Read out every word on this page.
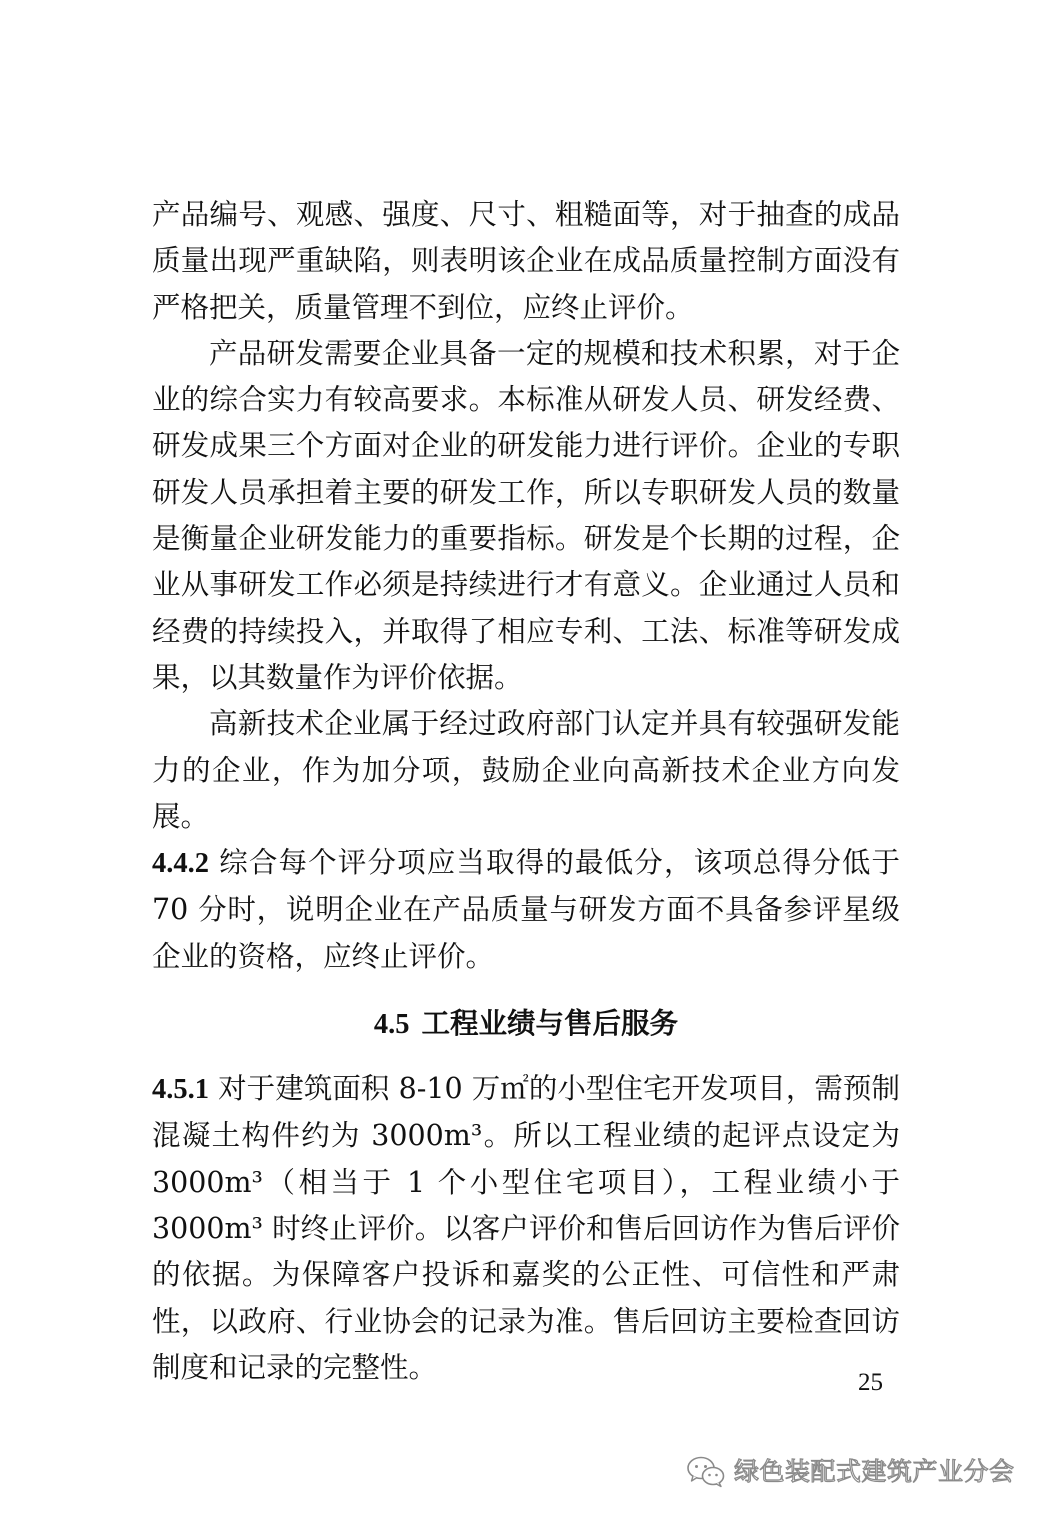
产品编号、观感、强度、尺寸、粗糙面等，对于抽查的成品质量出现严重缺陷，则表明该企业在成品质量控制方面没有严格把关，质量管理不到位，应终止评价。

产品研发需要企业具备一定的规模和技术积累，对于企业的综合实力有较高要求。本标准从研发人员、研发经费、研发成果三个方面对企业的研发能力进行评价。企业的专职研发人员承担着主要的研发工作，所以专职研发人员的数量是衡量企业研发能力的重要指标。研发是个长期的过程，企业从事研发工作必须是持续进行才有意义。企业通过人员和经费的持续投入，并取得了相应专利、工法、标准等研发成果，以其数量作为评价依据。

高新技术企业属于经过政府部门认定并具有较强研发能力的企业，作为加分项，鼓励企业向高新技术企业方向发展。

4.4.2 综合每个评分项应当取得的最低分，该项总得分低于 70 分时，说明企业在产品质量与研发方面不具备参评星级企业的资格，应终止评价。

4.5 工程业绩与售后服务

4.5.1 对于建筑面积 8-10 万㎡的小型住宅开发项目，需预制混凝土构件约为 3000m³。所以工程业绩的起评点设定为 3000m³（相当于 1 个小型住宅项目），工程业绩小于 3000m³ 时终止评价。以客户评价和售后回访作为售后评价的依据。为保障客户投诉和嘉奖的公正性、可信性和严肃性，以政府、行业协会的记录为准。售后回访主要检查回访制度和记录的完整性。	25
绿色装配式建筑产业分会
